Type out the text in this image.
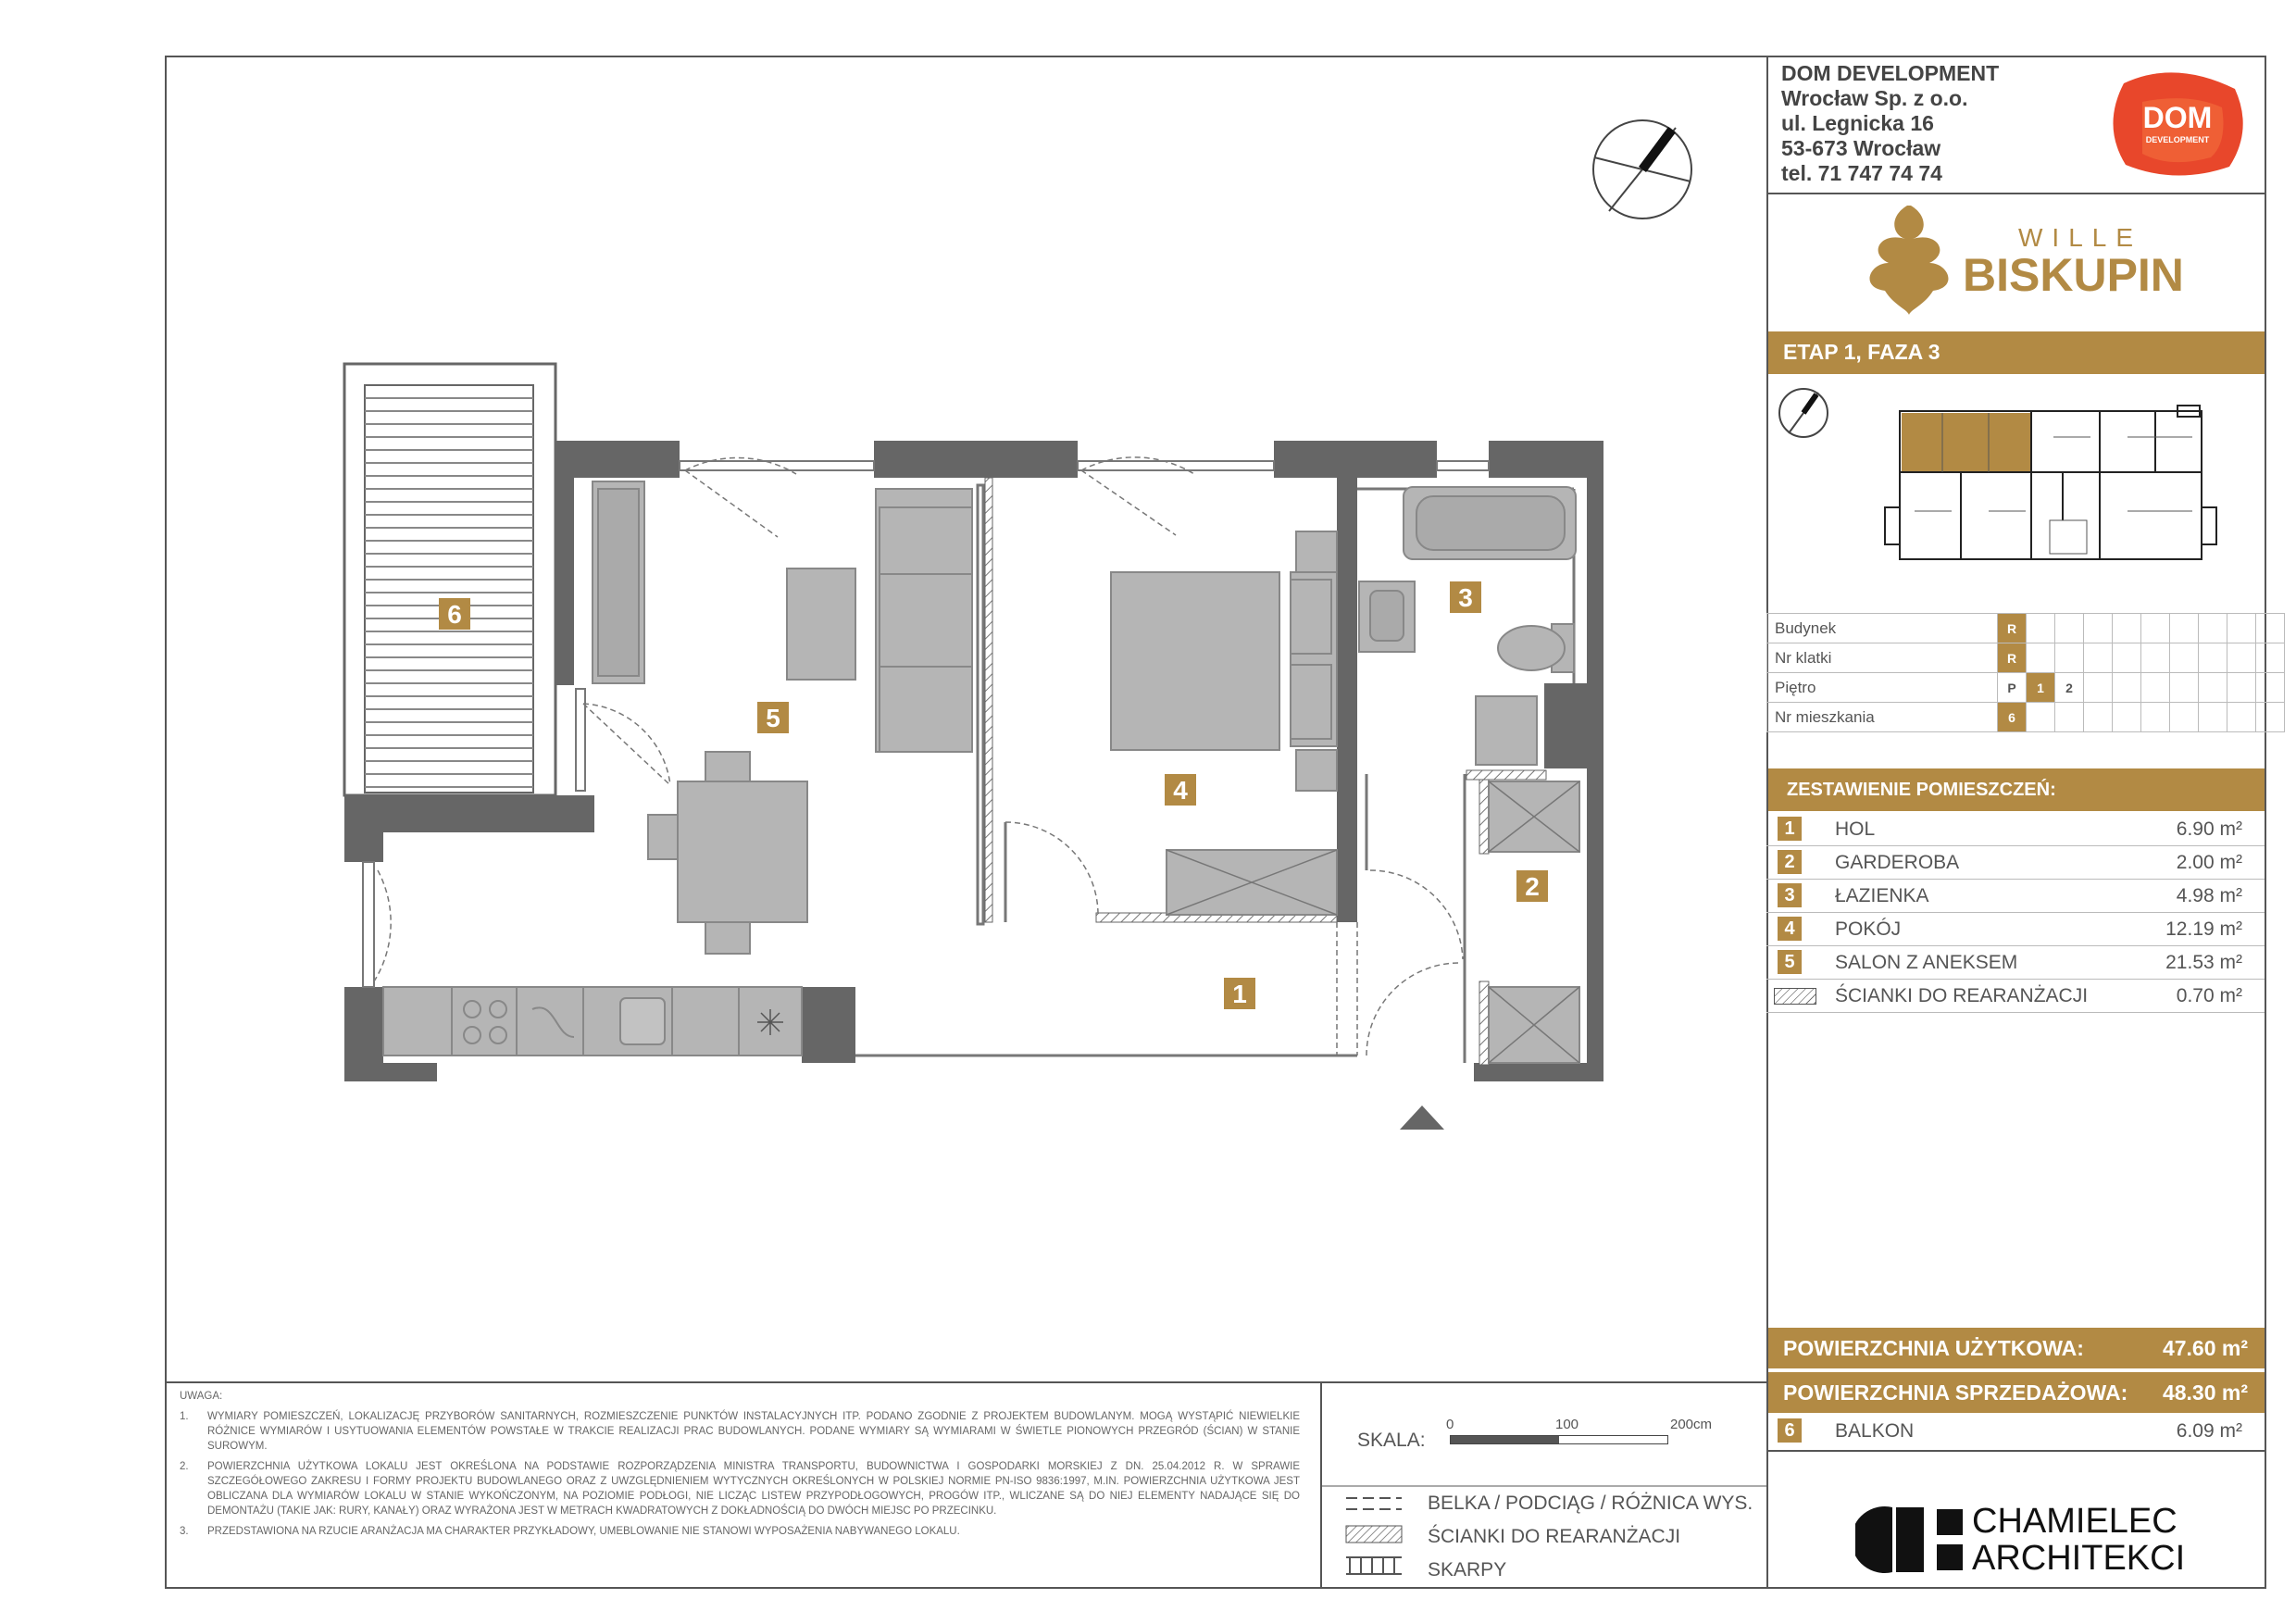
1
2
3
4
5
6
DOM DEVELOPMENT
Wrocław Sp. z o.o.
ul. Legnicka 16
53-673 Wrocław
tel. 71 747 74 74
DOM
DEVELOPMENT
WILLE
BISKUPIN
ETAP 1, FAZA 3
Budynek	R									
Nr klatki	R									
Piętro	P	1	2							
Nr mieszkania	6									
ZESTAWIENIE POMIESZCZEŃ:
1	HOL	6.90 m²
2	GARDEROBA	2.00 m²
3	ŁAZIENKA	4.98 m²
4	POKÓJ	12.19 m²
5	SALON Z ANEKSEM	21.53 m²
ŚCIANKI DO REARANŻACJI	0.70 m²
POWIERZCHNIA UŻYTKOWA:	47.60 m²
POWIERZCHNIA SPRZEDAŻOWA: 48.30 m²
6	BALKON	6.09 m²
UWAGA:
1. WYMIARY POMIESZCZEŃ, LOKALIZACJĘ PRZYBORÓW SANITARNYCH, ROZMIESZCZENIE PUNKTÓW INSTALACYJNYCH ITP. PODANO ZGODNIE Z PROJEKTEM BUDOWLANYM. MOGĄ WYSTĄPIĆ NIEWIELKIE RÓŻNICE WYMIARÓW I USYTUOWANIA ELEMENTÓW POWSTAŁE W TRAKCIE REALIZACJI PRAC BUDOWLANYCH. PODANE WYMIARY SĄ WYMIARAMI W ŚWIETLE PIONOWYCH PRZEGRÓD (ŚCIAN) W STANIE SUROWYM.
2. POWIERZCHNIA UŻYTKOWA LOKALU JEST OKREŚLONA NA PODSTAWIE ROZPORZĄDZENIA MINISTRA TRANSPORTU, BUDOWNICTWA I GOSPODARKI MORSKIEJ Z DN. 25.04.2012 R. W SPRAWIE SZCZEGÓŁOWEGO ZAKRESU I FORMY PROJEKTU BUDOWLANEGO ORAZ Z UWZGLĘDNIENIEM WYTYCZNYCH OKREŚLONYCH W POLSKIEJ NORMIE PN-ISO 9836:1997, M.IN. POWIERZCHNIA UŻYTKOWA JEST OBLICZANA DLA WYMIARÓW LOKALU W STANIE WYKOŃCZONYM, NA POZIOMIE PODŁOGI, NIE LICZĄC LISTEW PRZYPODŁOGOWYCH, PROGÓW ITP., WLICZANE SĄ DO NIEJ ELEMENTY NADAJĄCE SIĘ DO DEMONTAŻU (TAKIE JAK: RURY, KANAŁY) ORAZ WYRAŻONA JEST W METRACH KWADRATOWYCH Z DOKŁADNOŚCIĄ DO DWÓCH MIEJSC PO PRZECINKU.
3. PRZEDSTAWIONA NA RZUCIE ARANŻACJA MA CHARAKTER PRZYKŁADOWY, UMEBLOWANIE NIE STANOWI WYPOSAŻENIA NABYWANEGO LOKALU.
SKALA:
0	100	200cm
BELKA / PODCIĄG / RÓŻNICA WYS.
ŚCIANKI DO REARANŻACJI
SKARPY
CHAMIELEC
ARCHITEKCI
